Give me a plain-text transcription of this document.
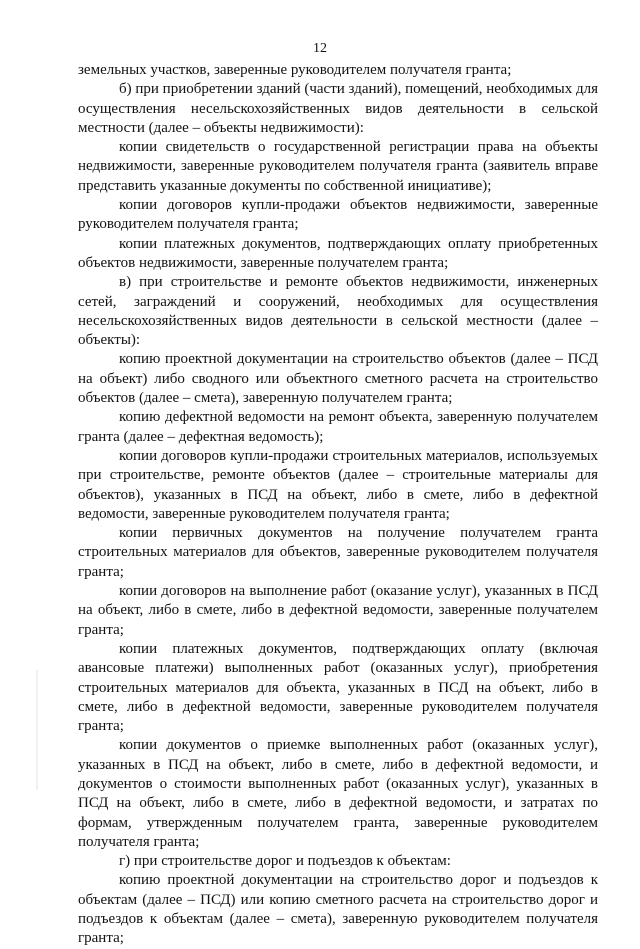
12

земельных участков, заверенные руководителем получателя гранта;

б) при приобретении зданий (части зданий), помещений, необходимых для осуществления несельскохозяйственных видов деятельности в сельской местности (далее – объекты недвижимости):

копии свидетельств о государственной регистрации права на объекты недвижимости, заверенные руководителем получателя гранта (заявитель вправе представить указанные документы по собственной инициативе);

копии договоров купли-продажи объектов недвижимости, заверенные руководителем получателя гранта;

копии платежных документов, подтверждающих оплату приобретенных объектов недвижимости, заверенные получателем гранта;

в) при строительстве и ремонте объектов недвижимости, инженерных сетей, заграждений и сооружений, необходимых для осуществления несельскохозяйственных видов деятельности в сельской местности (далее – объекты):

копию проектной документации на строительство объектов (далее – ПСД на объект) либо сводного или объектного сметного расчета на строительство объектов (далее – смета), заверенную получателем гранта;

копию дефектной ведомости на ремонт объекта, заверенную получателем гранта (далее – дефектная ведомость);

копии договоров купли-продажи строительных материалов, используемых при строительстве, ремонте объектов (далее – строительные материалы для объектов), указанных в ПСД на объект, либо в смете, либо в дефектной ведомости, заверенные руководителем получателя гранта;

копии первичных документов на получение получателем гранта строительных материалов для объектов, заверенные руководителем получателя гранта;

копии договоров на выполнение работ (оказание услуг), указанных в ПСД на объект, либо в смете, либо в дефектной ведомости, заверенные получателем гранта;

копии платежных документов, подтверждающих оплату (включая авансовые платежи) выполненных работ (оказанных услуг), приобретения строительных материалов для объекта, указанных в ПСД на объект, либо в смете, либо в дефектной ведомости, заверенные руководителем получателя гранта;

копии документов о приемке выполненных работ (оказанных услуг), указанных в ПСД на объект, либо в смете, либо в дефектной ведомости, и документов о стоимости выполненных работ (оказанных услуг), указанных в ПСД на объект, либо в смете, либо в дефектной ведомости, и затратах по формам, утвержденным получателем гранта, заверенные руководителем получателя гранта;

г) при строительстве дорог и подъездов к объектам:

копию проектной документации на строительство дорог и подъездов к объектам (далее – ПСД) или копию сметного расчета на строительство дорог и подъездов к объектам (далее – смета), заверенную руководителем получателя гранта;
